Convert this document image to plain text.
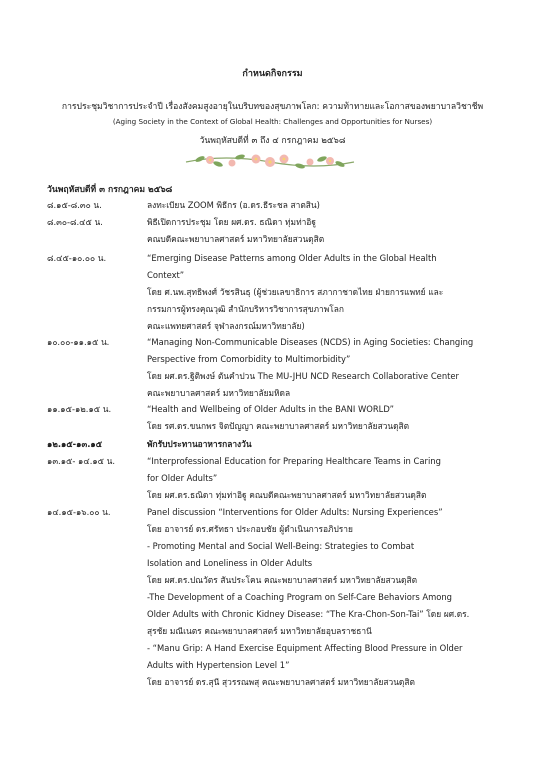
กำหนดกิจกรรม
การประชุมวิชาการประจำปี เรื่องสังคมสูงอายุในบริบทของสุขภาพโลก: ความท้าทายและโอกาสของพยาบาลวิชาชีพ
(Aging Society in the Context of Global Health: Challenges and Opportunities for Nurses)
วันพฤหัสบดีที่ ๓ ถึง ๔ กรกฎาคม ๒๕๖๘
วันพฤหัสบดีที่ ๓ กรกฎาคม ๒๕๖๘
๘.๑๕-๘.๓๐ น.	ลงทะเบียน ZOOM พิธีกร (อ.ดร.ธีระชล สาตสิน)
๘.๓๐-๘.๔๕ น.	พิธีเปิดการประชุม โดย ผศ.ดร. ธณิดา ทุ่มท่าอิฐู
คณบดีคณะพยาบาลศาสตร์ มหาวิทยาลัยสวนดุสิต
๘.๔๕-๑๐.๐๐ น.	“Emerging Disease Patterns among Older Adults in the Global Health
Context”
โดย ศ.นพ.สุทธิพงศ์ วัชรสินธุ (ผู้ช่วยเลขาธิการ สภากาชาดไทย ฝ่ายการแพทย์ และ
กรรมการผู้ทรงคุณวุฒิ สำนักบริหารวิชาการสุขภาพโลก
คณะแพทยศาสตร์ จุฬาลงกรณ์มหาวิทยาลัย)
๑๐.๐๐-๑๑.๑๕ น.	“Managing Non-Communicable Diseases (NCDS) in Aging Societies: Changing
Perspective from Comorbidity to Multimorbidity”
โดย ผศ.ดร.ฐิติพงษ์ ตันคำปวน The MU-JHU NCD Research Collaborative Center
คณะพยาบาลศาสตร์ มหาวิทยาลัยมหิดล
๑๑.๑๕-๑๒.๑๕ น.	“Health and Wellbeing of Older Adults in the BANI WORLD”
โดย รศ.ดร.ขนกพร จิตปัญญา คณะพยาบาลศาสตร์ มหาวิทยาลัยสวนดุสิต
๑๒.๑๕-๑๓.๑๕	พักรับประทานอาหารกลางวัน
๑๓.๑๕- ๑๔.๑๕ น.	“Interprofessional Education for Preparing Healthcare Teams in Caring
for Older Adults”
โดย ผศ.ดร.ธณิดา ทุ่มท่าอิฐู คณบดีคณะพยาบาลศาสตร์ มหาวิทยาลัยสวนดุสิต
๑๔.๑๕-๑๖.๐๐ น.	Panel discussion “Interventions for Older Adults: Nursing Experiences”
โดย อาจารย์ ดร.ศรัทธา ประกอบชัย ผู้ดำเนินการอภิปราย
- Promoting Mental and Social Well-Being: Strategies to Combat
Isolation and Loneliness in Older Adults
โดย ผศ.ดร.ปณวัตร สันประโคน คณะพยาบาลศาสตร์ มหาวิทยาลัยสวนดุสิต
-The Development of a Coaching Program on Self-Care Behaviors Among
Older Adults with Chronic Kidney Disease: “The Kra-Chon-Son-Tai” โดย ผศ.ดร.
สุรชัย มณีเนตร คณะพยาบาลศาสตร์ มหาวิทยาลัยอุบลราชธานี
- “Manu Grip: A Hand Exercise Equipment Affecting Blood Pressure in Older
Adults with Hypertension Level 1”
โดย อาจารย์ ดร.สุนี สุวรรณพสุ คณะพยาบาลศาสตร์ มหาวิทยาลัยสวนดุสิต
